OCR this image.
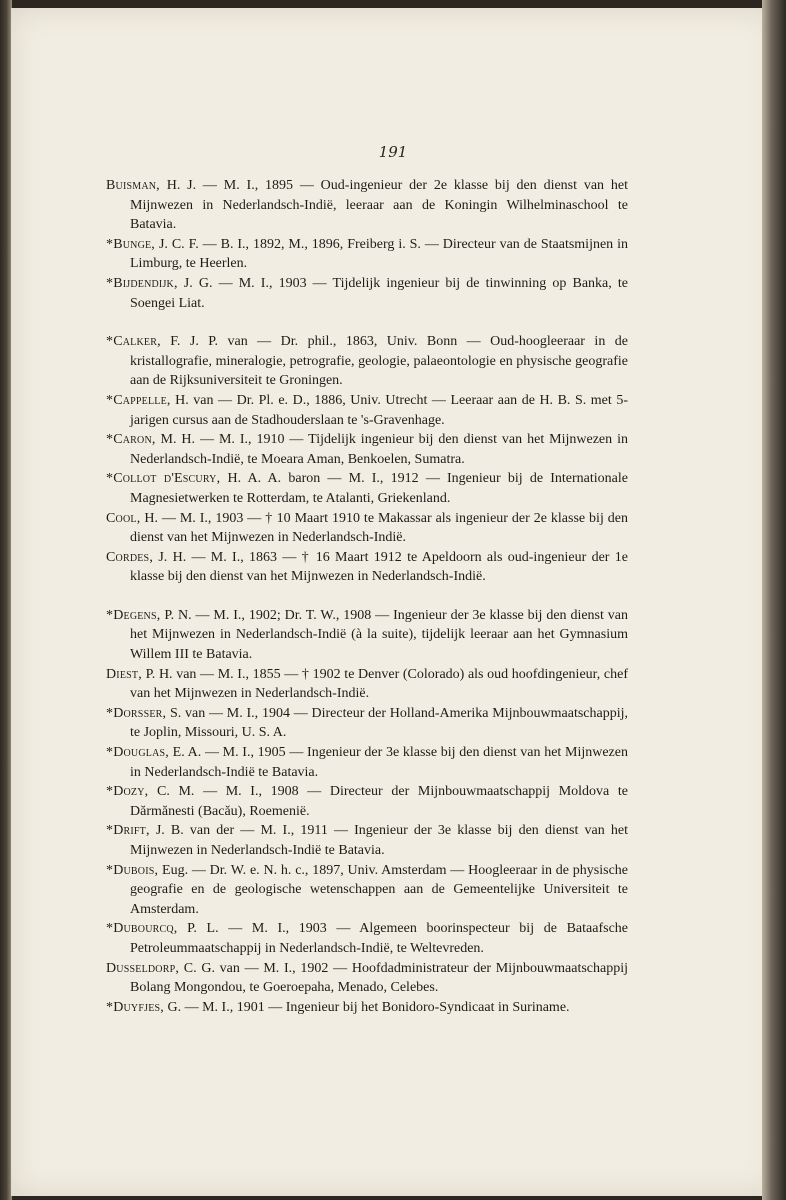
191

Buisman, H. J. — M. I., 1895 — Oud-ingenieur der 2e klasse bij den dienst van het Mijnwezen in Nederlandsch-Indië, leeraar aan de Koningin Wilhelminaschool te Batavia.

*Bunge, J. C. F. — B. I., 1892, M., 1896, Freiberg i. S. — Directeur van de Staatsmijnen in Limburg, te Heerlen.

*Bijdendijk, J. G. — M. I., 1903 — Tijdelijk ingenieur bij de tinwinning op Banka, te Soengei Liat.

*Calker, F. J. P. van — Dr. phil., 1863, Univ. Bonn — Oud-hoogleeraar in de kristallografie, mineralogie, petrografie, geologie, palaeontologie en physische geografie aan de Rijksuniversiteit te Groningen.

*Cappelle, H. van — Dr. Pl. e. D., 1886, Univ. Utrecht — Leeraar aan de H. B. S. met 5-jarigen cursus aan de Stadhouderslaan te 's-Gravenhage.

*Caron, M. H. — M. I., 1910 — Tijdelijk ingenieur bij den dienst van het Mijnwezen in Nederlandsch-Indië, te Moeara Aman, Benkoelen, Sumatra.

*Collot d'Escury, H. A. A. baron — M. I., 1912 — Ingenieur bij de Internationale Magnesietwerken te Rotterdam, te Atalanti, Griekenland.

Cool, H. — M. I., 1903 — † 10 Maart 1910 te Makassar als ingenieur der 2e klasse bij den dienst van het Mijnwezen in Nederlandsch-Indië.

Cordes, J. H. — M. I., 1863 — † 16 Maart 1912 te Apeldoorn als oud-ingenieur der 1e klasse bij den dienst van het Mijnwezen in Nederlandsch-Indië.

*Degens, P. N. — M. I., 1902; Dr. T. W., 1908 — Ingenieur der 3e klasse bij den dienst van het Mijnwezen in Nederlandsch-Indië (à la suite), tijdelijk leeraar aan het Gymnasium Willem III te Batavia.

Diest, P. H. van — M. I., 1855 — † 1902 te Denver (Colorado) als oud hoofdingenieur, chef van het Mijnwezen in Nederlandsch-Indië.

*Dorsser, S. van — M. I., 1904 — Directeur der Holland-Amerika Mijnbouwmaatschappij, te Joplin, Missouri, U. S. A.

*Douglas, E. A. — M. I., 1905 — Ingenieur der 3e klasse bij den dienst van het Mijnwezen in Nederlandsch-Indië te Batavia.

*Dozy, C. M. — M. I., 1908 — Directeur der Mijnbouwmaatschappij Moldova te Dărmănesti (Bacău), Roemenië.

*Drift, J. B. van der — M. I., 1911 — Ingenieur der 3e klasse bij den dienst van het Mijnwezen in Nederlandsch-Indië te Batavia.

*Dubois, Eug. — Dr. W. e. N. h. c., 1897, Univ. Amsterdam — Hoogleeraar in de physische geografie en de geologische wetenschappen aan de Gemeentelijke Universiteit te Amsterdam.

*Dubourcq, P. L. — M. I., 1903 — Algemeen boorinspecteur bij de Bataafsche Petroleummaatschappij in Nederlandsch-Indië, te Weltevreden.

Dusseldorp, C. G. van — M. I., 1902 — Hoofdadministrateur der Mijnbouwmaatschappij Bolang Mongondou, te Goeroepaha, Menado, Celebes.

*Duyfjes, G. — M. I., 1901 — Ingenieur bij het Bonidoro-Syndicaat in Suriname.
